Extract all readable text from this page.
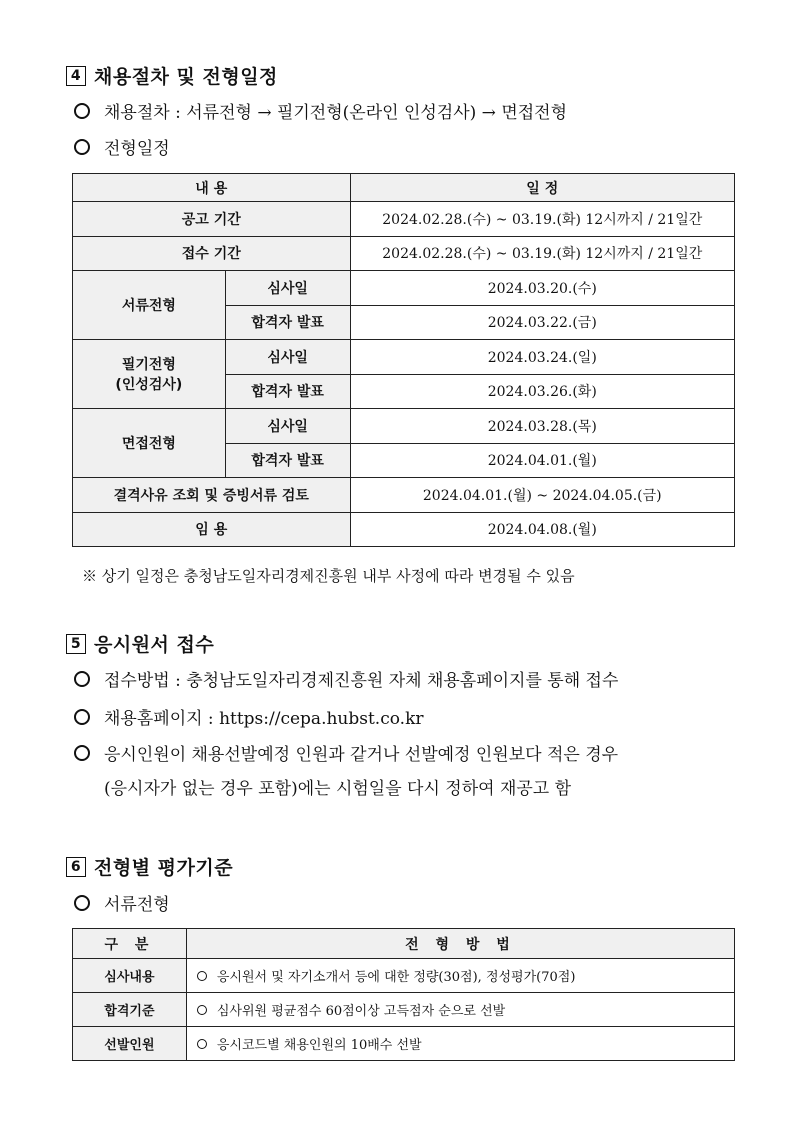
4 채용절차 및 전형일정
채용절차 : 서류전형 → 필기전형(온라인 인성검사) → 면접전형
전형일정
내 용		일 정
공고 기간		2024.02.28.(수) ~ 03.19.(화) 12시까지 / 21일간
접수 기간		2024.02.28.(수) ~ 03.19.(화) 12시까지 / 21일간
서류전형	심사일	2024.03.20.(수)
	합격자 발표	2024.03.22.(금)
필기전형
(인성검사)	심사일	2024.03.24.(일)
	합격자 발표	2024.03.26.(화)
면접전형	심사일	2024.03.28.(목)
	합격자 발표	2024.04.01.(월)
결격사유 조회 및 증빙서류 검토		2024.04.01.(월) ~ 2024.04.05.(금)
임 용		2024.04.08.(월)
※ 상기 일정은 충청남도일자리경제진흥원 내부 사정에 따라 변경될 수 있음
5 응시원서 접수
접수방법 : 충청남도일자리경제진흥원 자체 채용홈페이지를 통해 접수
채용홈페이지 : https://cepa.hubst.co.kr
응시인원이 채용선발예정 인원과 같거나 선발예정 인원보다 적은 경우
(응시자가 없는 경우 포함)에는 시험일을 다시 정하여 재공고 함
6 전형별 평가기준
서류전형
구 분	전 형 방 법
심사내용	응시원서 및 자기소개서 등에 대한 정량(30점), 정성평가(70점)
합격기준	심사위원 평균점수 60점이상 고득점자 순으로 선발
선발인원	응시코드별 채용인원의 10배수 선발
